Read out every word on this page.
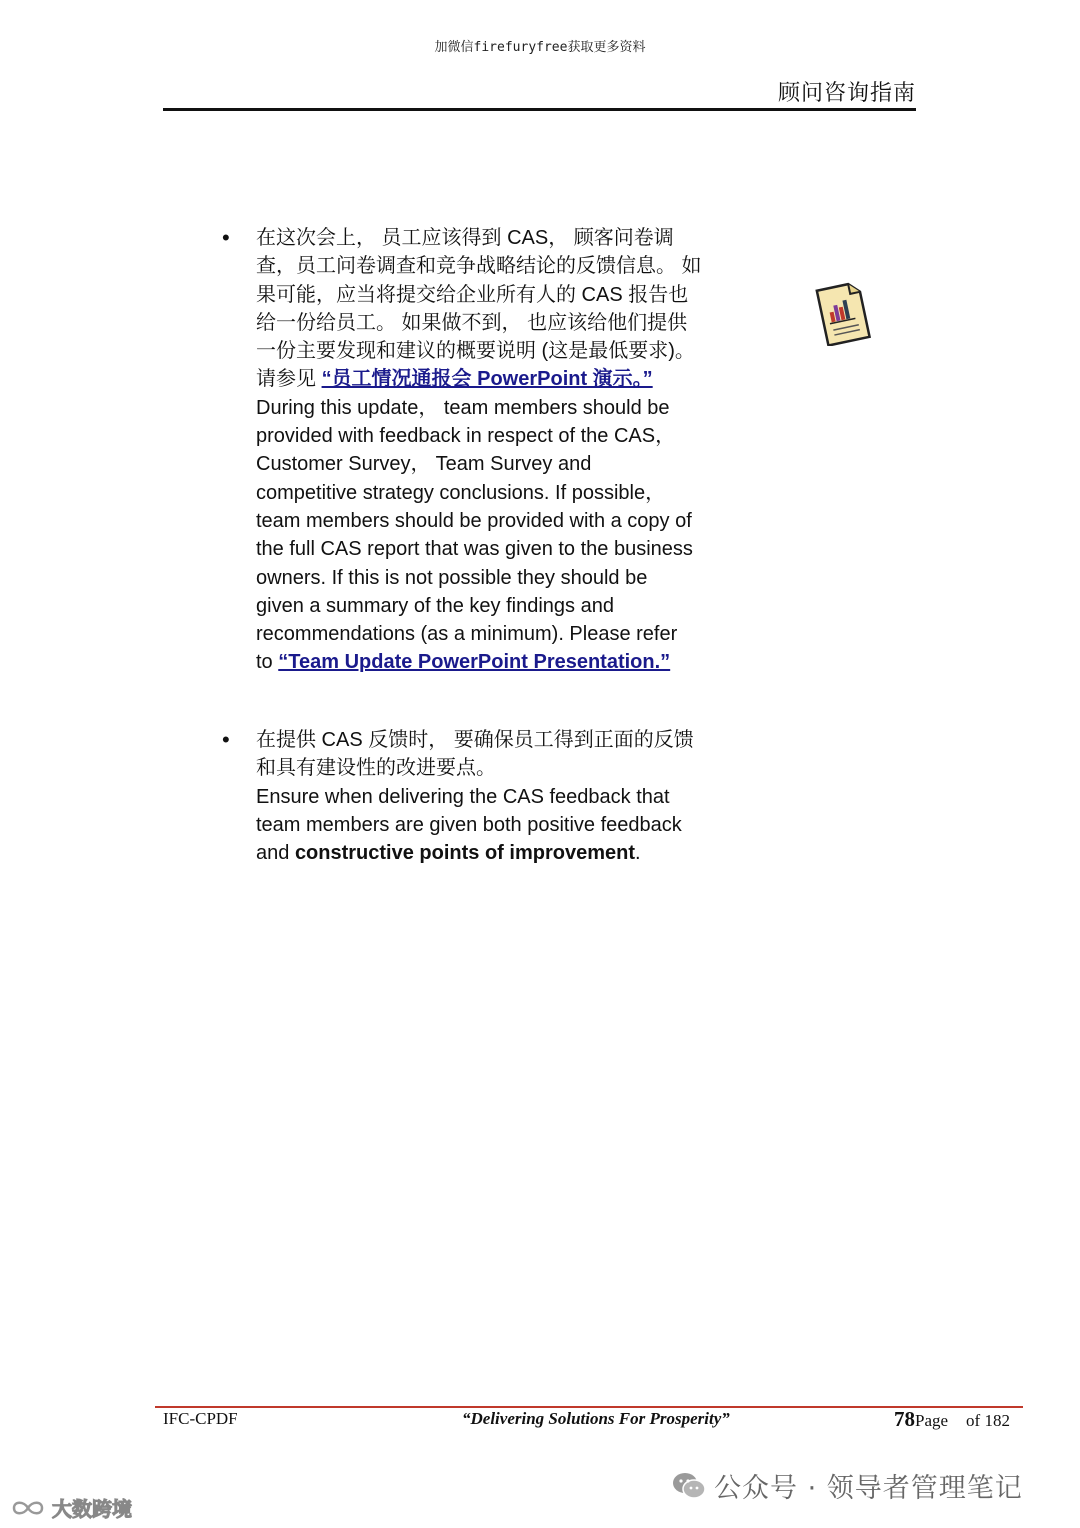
加微信firefuryfree获取更多资料
顾问咨询指南
• 在这次会上， 员工应该得到 CAS， 顾客问卷调
查，员工问卷调查和竞争战略结论的反馈信息。 如
果可能，应当将提交给企业所有人的 CAS 报告也
给一份给员工。 如果做不到， 也应该给他们提供
一份主要发现和建议的概要说明 (这是最低要求)。
请参见 “员工情况通报会 PowerPoint 演示。”
During this update， team members should be
provided with feedback in respect of the CAS，
Customer Survey， Team Survey and
competitive strategy conclusions. If possible，
team members should be provided with a copy of
the full CAS report that was given to the business
owners. If this is not possible they should be
given a summary of the key findings and
recommendations (as a minimum). Please refer
to “Team Update PowerPoint Presentation.”
• 在提供 CAS 反馈时， 要确保员工得到正面的反馈
和具有建设性的改进要点。
Ensure when delivering the CAS feedback that
team members are given both positive feedback
and constructive points of improvement.
IFC-CPDF	“Delivering Solutions For Prosperity”	78Page of 182
公众号 · 领导者管理笔记
大数跨境
